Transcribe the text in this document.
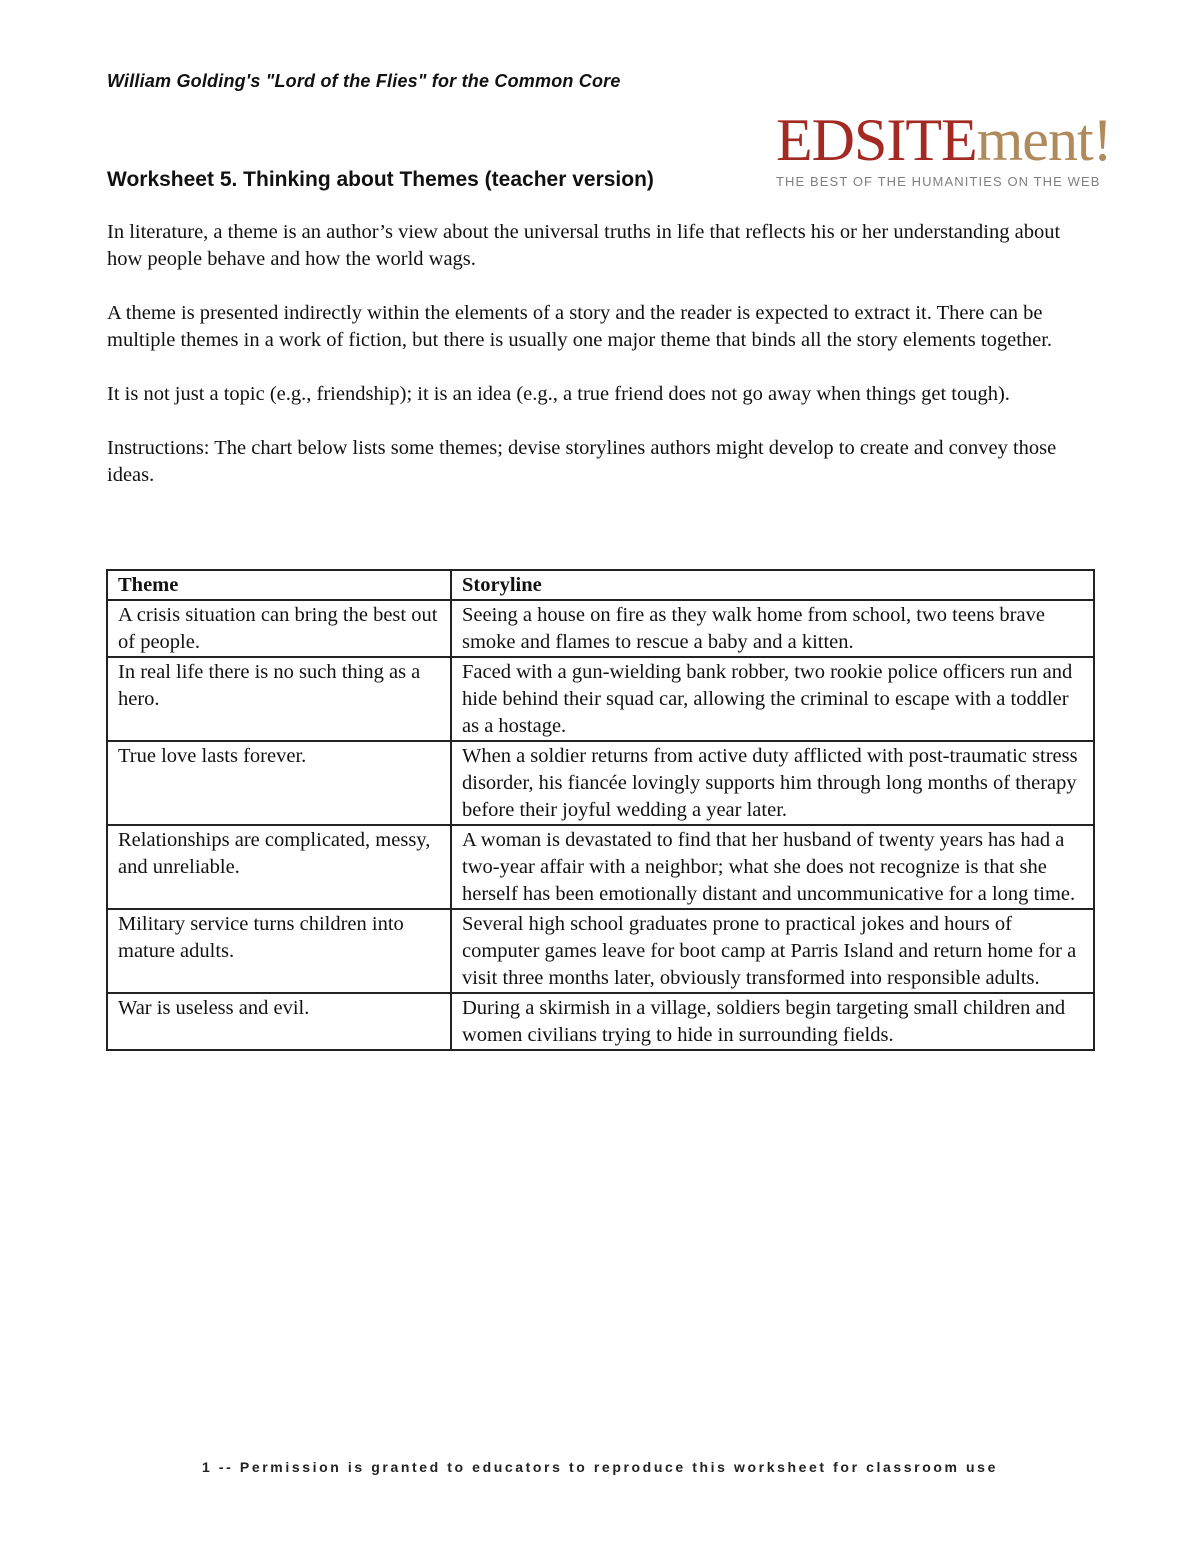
William Golding's "Lord of the Flies" for the Common Core
EDSITEment!
THE BEST OF THE HUMANITIES ON THE WEB
Worksheet 5. Thinking about Themes (teacher version)

In literature, a theme is an author’s view about the universal truths in life that reflects his or her understanding about how people behave and how the world wags.

A theme is presented indirectly within the elements of a story and the reader is expected to extract it. There can be multiple themes in a work of fiction, but there is usually one major theme that binds all the story elements together.

It is not just a topic (e.g., friendship); it is an idea (e.g., a true friend does not go away when things get tough).

Instructions: The chart below lists some themes; devise storylines authors might develop to create and convey those ideas.

Theme	Storyline
A crisis situation can bring the best out of people.	Seeing a house on fire as they walk home from school, two teens brave smoke and flames to rescue a baby and a kitten.
In real life there is no such thing as a hero.	Faced with a gun-wielding bank robber, two rookie police officers run and hide behind their squad car, allowing the criminal to escape with a toddler as a hostage.
True love lasts forever.	When a soldier returns from active duty afflicted with post-traumatic stress disorder, his fiancée lovingly supports him through long months of therapy before their joyful wedding a year later.
Relationships are complicated, messy, and unreliable.	A woman is devastated to find that her husband of twenty years has had a two-year affair with a neighbor; what she does not recognize is that she herself has been emotionally distant and uncommunicative for a long time.
Military service turns children into mature adults.	Several high school graduates prone to practical jokes and hours of computer games leave for boot camp at Parris Island and return home for a visit three months later, obviously transformed into responsible adults.
War is useless and evil.	During a skirmish in a village, soldiers begin targeting small children and women civilians trying to hide in surrounding fields.
1 -- Permission is granted to educators to reproduce this worksheet for classroom use
